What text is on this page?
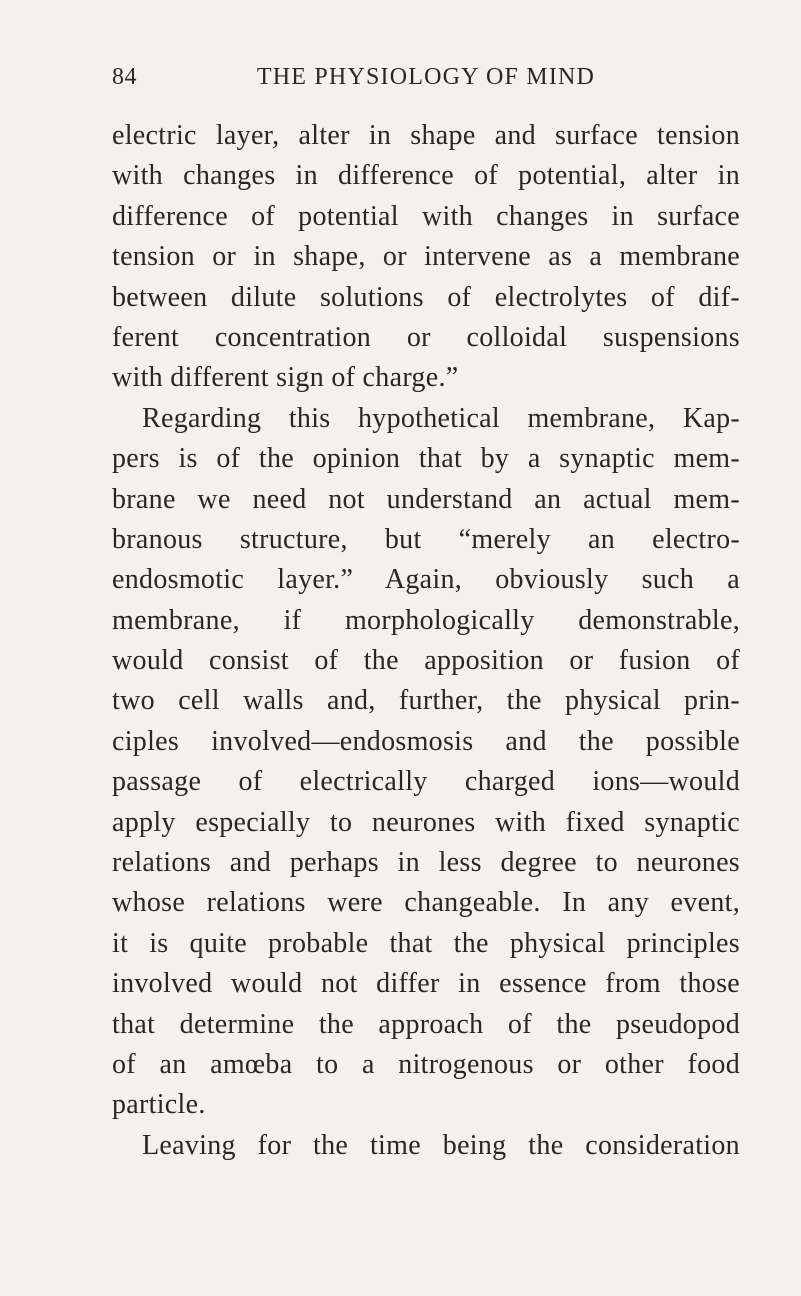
84	THE PHYSIOLOGY OF MIND
electric layer, alter in shape and surface tension
with changes in difference of potential, alter in
difference of potential with changes in surface
tension or in shape, or intervene as a membrane
between dilute solutions of electrolytes of dif-
ferent concentration or colloidal suspensions
with different sign of charge.”
Regarding this hypothetical membrane, Kap-
pers is of the opinion that by a synaptic mem-
brane we need not understand an actual mem-
branous structure, but “merely an electro-
endosmotic layer.” Again, obviously such a
membrane, if morphologically demonstrable,
would consist of the apposition or fusion of
two cell walls and, further, the physical prin-
ciples involved—endosmosis and the possible
passage of electrically charged ions—would
apply especially to neurones with fixed synaptic
relations and perhaps in less degree to neurones
whose relations were changeable. In any event,
it is quite probable that the physical principles
involved would not differ in essence from those
that determine the approach of the pseudopod
of an amœba to a nitrogenous or other food
particle.
Leaving for the time being the consideration
